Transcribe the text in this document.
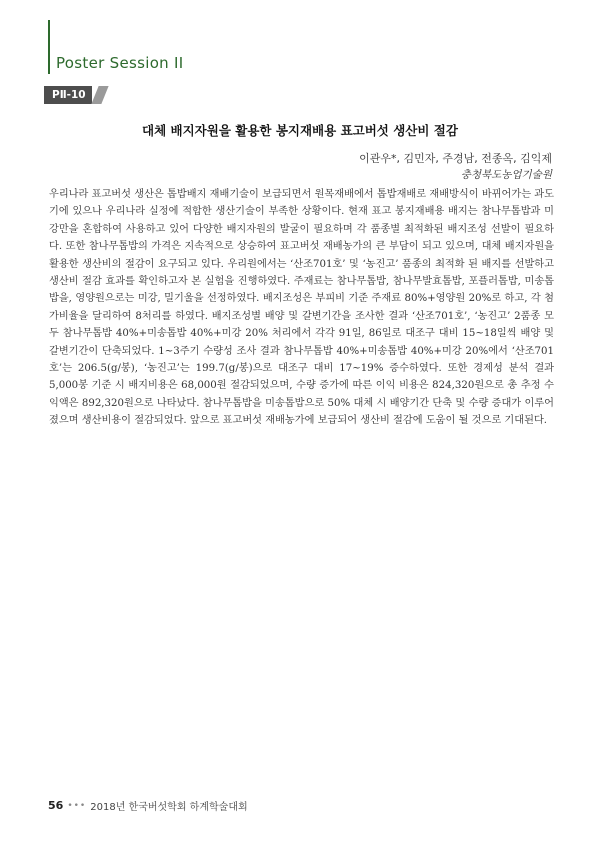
Poster Session II
PⅡ-10
대체 배지자원을 활용한 봉지재배용 표고버섯 생산비 절감
이관우*, 김민자, 주경남, 전종옥, 김익제
충청북도농업기술원
우리나라 표고버섯 생산은 톱밥배지 재배기술이 보급되면서 원목재배에서 톱밥재배로 재배방식이 바뀌어가는 과도기에 있으나 우리나라 실정에 적합한 생산기술이 부족한 상황이다. 현재 표고 봉지재배용 배지는 참나무톱밥과 미강만을 혼합하여 사용하고 있어 다양한 배지자원의 발굴이 필요하며 각 품종별 최적화된 배지조성 선발이 필요하다. 또한 참나무톱밥의 가격은 지속적으로 상승하여 표고버섯 재배농가의 큰 부담이 되고 있으며, 대체 배지자원을 활용한 생산비의 절감이 요구되고 있다. 우리원에서는 ‘산조701호’ 및 ‘농진고’ 품종의 최적화 된 배지를 선발하고 생산비 절감 효과를 확인하고자 본 실험을 진행하였다. 주재료는 참나무톱밥, 참나무발효톱밥, 포플러톱밥, 미송톱밥을, 영양원으로는 미강, 밀기울을 선정하였다. 배지조성은 부피비 기준 주재료 80%+영양원 20%로 하고, 각 첨가비율을 달리하여 8처리를 하였다. 배지조성별 배양 및 갈변기간을 조사한 결과 ‘산조701호’, ‘농진고’ 2품종 모두 참나무톱밥 40%+미송톱밥 40%+미강 20% 처리에서 각각 91일, 86일로 대조구 대비 15~18일씩 배양 및 갈변기간이 단축되었다. 1~3주기 수량성 조사 결과 참나무톱밥 40%+미송톱밥 40%+미강 20%에서 ‘산조701호’는 206.5(g/봉), ‘농진고’는 199.7(g/봉)으로 대조구 대비 17~19% 증수하였다. 또한 경제성 분석 결과 5,000봉 기준 시 배지비용은 68,000원 절감되었으며, 수량 증가에 따른 이익 비용은 824,320원으로 총 추정 수익액은 892,320원으로 나타났다. 참나무톱밥을 미송톱밥으로 50% 대체 시 배양기간 단축 및 수량 증대가 이루어졌으며 생산비용이 절감되었다. 앞으로 표고버섯 재배농가에 보급되어 생산비 절감에 도움이 될 것으로 기대된다.
56 ••• 2018년 한국버섯학회 하계학술대회
